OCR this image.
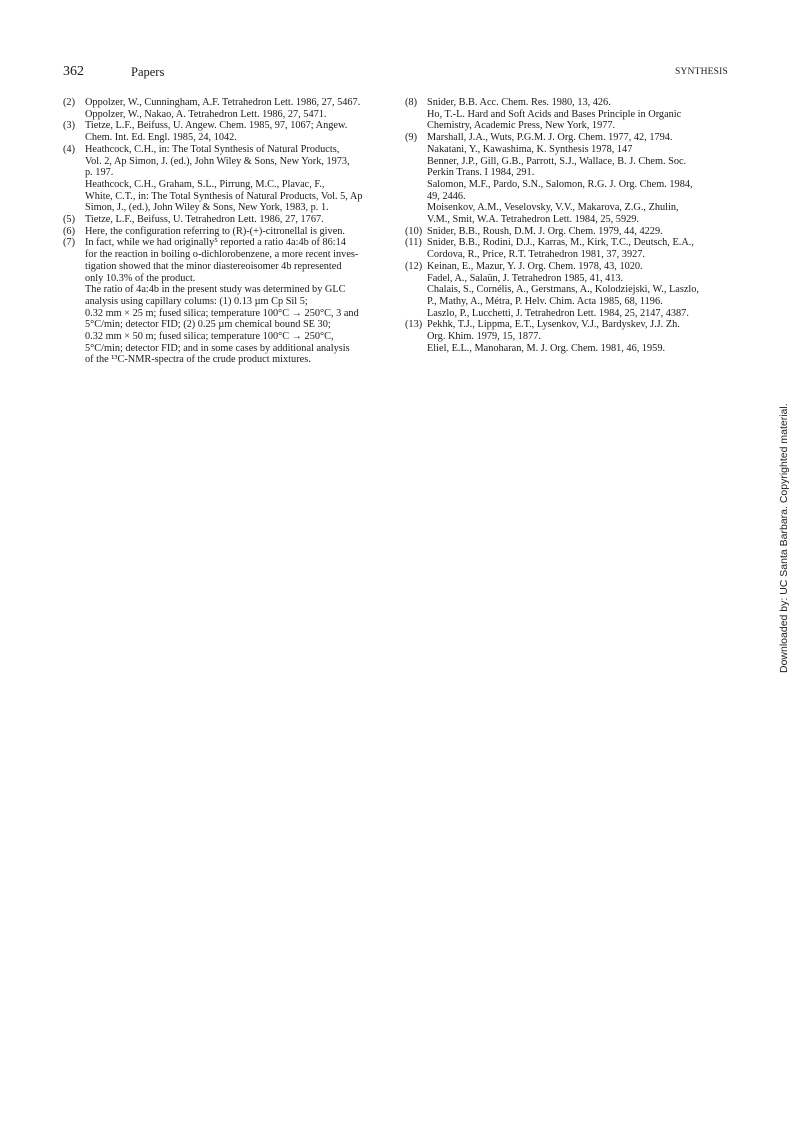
362	Papers	SYNTHESIS
(2) Oppolzer, W., Cunningham, A.F. Tetrahedron Lett. 1986, 27, 5467.
Oppolzer, W., Nakao, A. Tetrahedron Lett. 1986, 27, 5471.
(3) Tietze, L.F., Beifuss, U. Angew. Chem. 1985, 97, 1067; Angew.
Chem. Int. Ed. Engl. 1985, 24, 1042.
(4) Heathcock, C.H., in: The Total Synthesis of Natural Products,
Vol. 2, Ap Simon, J. (ed.), John Wiley & Sons, New York, 1973,
p. 197.
Heathcock, C.H., Graham, S.L., Pirrung, M.C., Plavac, F.,
White, C.T., in: The Total Synthesis of Natural Products, Vol. 5, Ap
Simon, J., (ed.), John Wiley & Sons, New York, 1983, p. 1.
(5) Tietze, L.F., Beifuss, U. Tetrahedron Lett. 1986, 27, 1767.
(6) Here, the configuration referring to (R)-(+)-citronellal is given.
(7) In fact, while we had originally⁵ reported a ratio 4a:4b of 86:14
for the reaction in boiling o-dichlorobenzene, a more recent inves-
tigation showed that the minor diastereoisomer 4b represented
only 10.3% of the product.
The ratio of 4a:4b in the present study was determined by GLC
analysis using capillary colums: (1) 0.13 µm Cp Sil 5;
0.32 mm × 25 m; fused silica; temperature 100°C → 250°C, 3 and
5°C/min; detector FID; (2) 0.25 µm chemical bound SE 30;
0.32 mm × 50 m; fused silica; temperature 100°C → 250°C,
5°C/min; detector FID; and in some cases by additional analysis
of the ¹³C-NMR-spectra of the crude product mixtures.
(8) Snider, B.B. Acc. Chem. Res. 1980, 13, 426.
Ho, T.-L. Hard and Soft Acids and Bases Principle in Organic
Chemistry, Academic Press, New York, 1977.
(9) Marshall, J.A., Wuts, P.G.M. J. Org. Chem. 1977, 42, 1794.
Nakatani, Y., Kawashima, K. Synthesis 1978, 147
Benner, J.P., Gill, G.B., Parrott, S.J., Wallace, B. J. Chem. Soc.
Perkin Trans. I 1984, 291.
Salomon, M.F., Pardo, S.N., Salomon, R.G. J. Org. Chem. 1984,
49, 2446.
Moisenkov, A.M., Veselovsky, V.V., Makarova, Z.G., Zhulin,
V.M., Smit, W.A. Tetrahedron Lett. 1984, 25, 5929.
(10) Snider, B.B., Roush, D.M. J. Org. Chem. 1979, 44, 4229.
(11) Snider, B.B., Rodini, D.J., Karras, M., Kirk, T.C., Deutsch, E.A.,
Cordova, R., Price, R.T. Tetrahedron 1981, 37, 3927.
(12) Keinan, E., Mazur, Y. J. Org. Chem. 1978, 43, 1020.
Fadel, A., Salaün, J. Tetrahedron 1985, 41, 413.
Chalais, S., Cornélis, A., Gerstmans, A., Kolodziejski, W., Laszlo,
P., Mathy, A., Métra, P. Helv. Chim. Acta 1985, 68, 1196.
Laszlo, P., Lucchetti, J. Tetrahedron Lett. 1984, 25, 2147, 4387.
(13) Pekhk, T.J., Lippma, E.T., Lysenkov, V.J., Bardyskev, J.J. Zh.
Org. Khim. 1979, 15, 1877.
Eliel, E.L., Manoharan, M. J. Org. Chem. 1981, 46, 1959.
Downloaded by: UC Santa Barbara. Copyrighted material.
